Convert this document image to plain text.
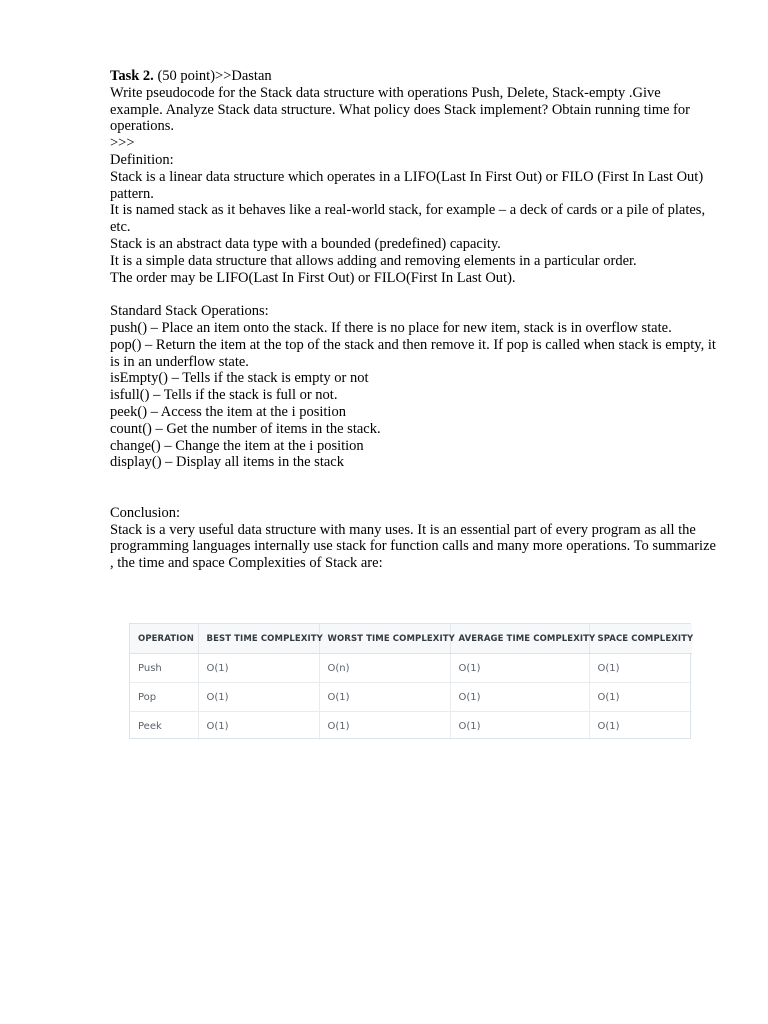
Task 2. (50 point)>>Dastan

Write pseudocode for the Stack data structure with operations Push, Delete, Stack-empty .Give example. Analyze Stack data structure. What policy does Stack implement? Obtain running time for operations.

>>>

Definition:

Stack is a linear data structure which operates in a LIFO(Last In First Out) or FILO (First In Last Out) pattern.

It is named stack as it behaves like a real-world stack, for example – a deck of cards or a pile of plates, etc.

Stack is an abstract data type with a bounded (predefined) capacity.

It is a simple data structure that allows adding and removing elements in a particular order.

The order may be LIFO(Last In First Out) or FILO(First In Last Out).

Standard Stack Operations:

push() – Place an item onto the stack. If there is no place for new item, stack is in overflow state.

pop() – Return the item at the top of the stack and then remove it. If pop is called when stack is empty, it is in an underflow state.

isEmpty() – Tells if the stack is empty or not

isfull() – Tells if the stack is full or not.

peek() – Access the item at the i position

count() – Get the number of items in the stack.

change() – Change the item at the i position

display() – Display all items in the stack

Conclusion:

Stack is a very useful data structure with many uses. It is an essential part of every program as all the programming languages internally use stack for function calls and many more operations. To summarize , the time and space Complexities of Stack are:

OPERATION	BEST TIME COMPLEXITY	WORST TIME COMPLEXITY	AVERAGE TIME COMPLEXITY	SPACE COMPLEXITY
Push	O(1)	O(n)	O(1)	O(1)
Pop	O(1)	O(1)	O(1)	O(1)
Peek	O(1)	O(1)	O(1)	O(1)
